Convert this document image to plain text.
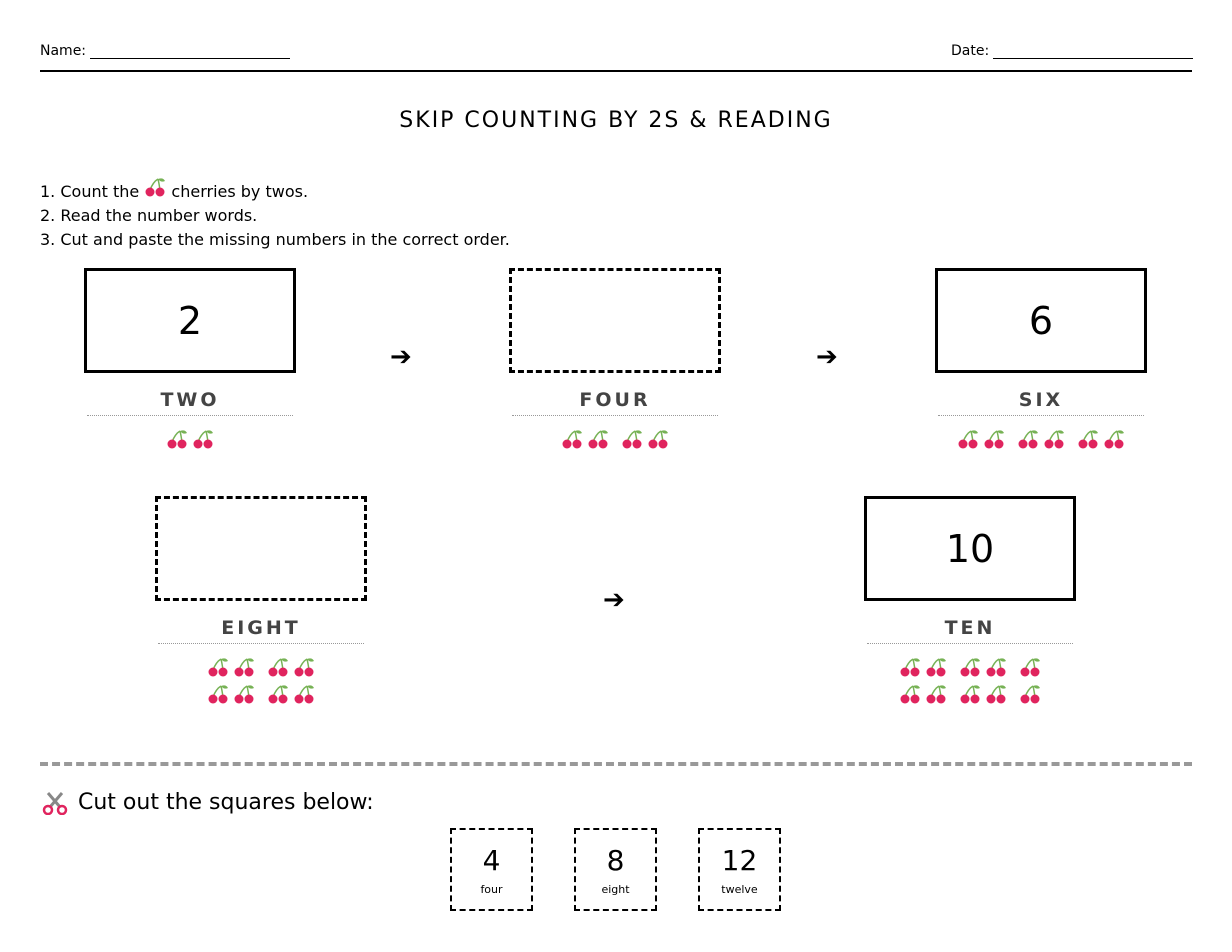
Name:	Date:
SKIP COUNTING BY 2S & READING
1. Count the cherries by twos.
2. Read the number words.
3. Cut and paste the missing numbers in the correct order.
2
TWO	FOUR
6
SIX
EIGHT
10
TEN
➔	➔
➔
Cut out the squares below:
4
four
8
eight
12
twelve
